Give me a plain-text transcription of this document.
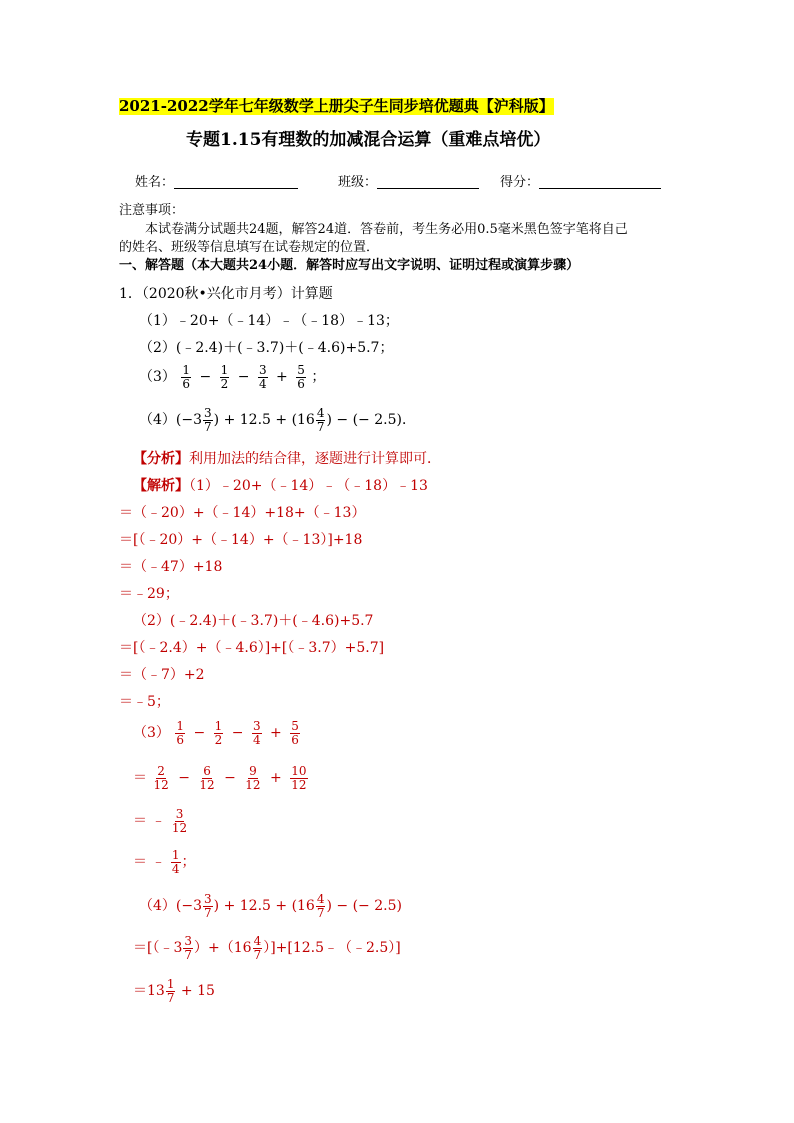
2021-2022学年七年级数学上册尖子生同步培优题典【沪科版】
专题1.15有理数的加减混合运算（重难点培优）
姓名：	班级：	得分：
注意事项：
本试卷满分试题共24题，解答24道．答卷前，考生务必用0.5毫米黑色签字笔将自己
的姓名、班级等信息填写在试卷规定的位置．
一、解答题（本大题共24小题．解答时应写出文字说明、证明过程或演算步骤）
1．（2020秋•兴化市月考）计算题
（1）﹣20+（﹣14）﹣（﹣18）﹣13；
（2）(﹣2.4)＋(﹣3.7)＋(﹣4.6)+5.7；
$(3) \frac{1}{6} - \frac{1}{2} - \frac{3}{4} + \frac{5}{6}$ ；
（4） ($-3 \frac{3}{7}$ ) + $12.5 + (16 \frac{4}{7}$ ) − (− 2.5)．
【分析】利用加法的结合律，逐题进行计算即可．
【解析】（1）﹣20+（﹣14）﹣（﹣18）﹣13
＝（﹣20）+（﹣14）+18+（﹣13）
＝[（﹣20）+（﹣14）+（﹣13）]+18
＝（﹣47）+18
＝﹣29；
（2）(﹣2.4)＋(﹣3.7)＋(﹣4.6)+5.7
＝[（﹣2.4）+（﹣4.6）]+[（﹣3.7）+5.7]
＝（﹣7）+2
＝﹣5；
$(3) \frac{1}{6} - \frac{1}{2} - \frac{3}{4} + \frac{5}{6}$
＝ $\frac{2}{12} - \frac{6}{12} - \frac{9}{12} + \frac{10}{12}$
＝ ﹣ $\frac{3}{12}$
＝ ﹣ $\frac{1}{4}$ ；
$(4)(-3 \frac{3}{7}$ ) + $12.5 + (16 \frac{4}{7}$ ) − (− 2.5)
＝[（﹣3 $\frac{3}{7} )+(16 \frac{4}{7}$ ）]+[12.5﹣（﹣2.5）]
$=13 \frac{1}{7} + 15$
